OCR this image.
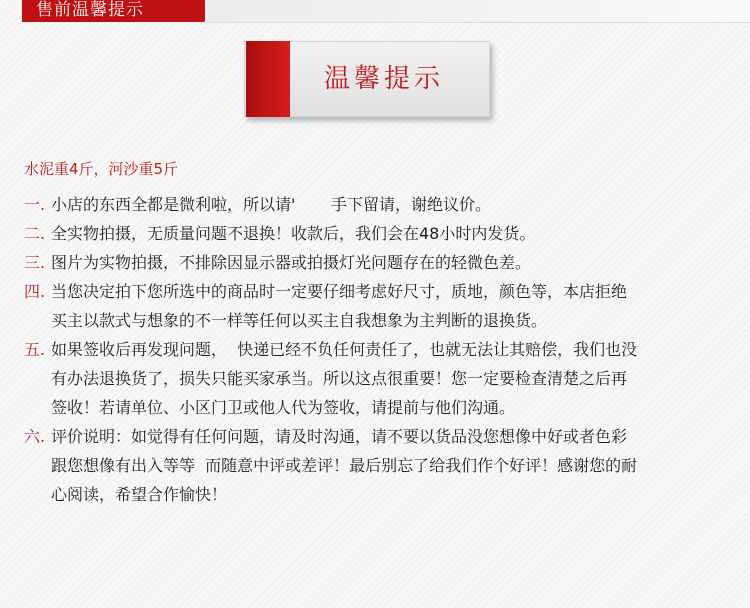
售前温馨提示
温馨提示
水泥重4斤，河沙重5斤
一. 小店的东西全都是微利啦，所以请'       手下留请，谢绝议价。
二. 全实物拍摄，无质量问题不退换！收款后，我们会在48小时内发货。
三. 图片为实物拍摄，不排除因显示器或拍摄灯光问题存在的轻微色差。
四. 当您决定拍下您所选中的商品时一定要仔细考虑好尺寸，质地，颜色等，本店拒绝
买主以款式与想象的不一样等任何以买主自我想象为主判断的退换货。
五. 如果签收后再发现问题，  快递已经不负任何责任了，也就无法让其赔偿，我们也没
有办法退换货了，损失只能买家承当。所以这点很重要！您一定要检查清楚之后再
签收！若请单位、小区门卫或他人代为签收，请提前与他们沟通。
六. 评价说明：如觉得有任何问题，请及时沟通，请不要以货品没您想像中好或者色彩
跟您想像有出入等等  而随意中评或差评！最后别忘了给我们作个好评！感谢您的耐
心阅读，希望合作愉快！
